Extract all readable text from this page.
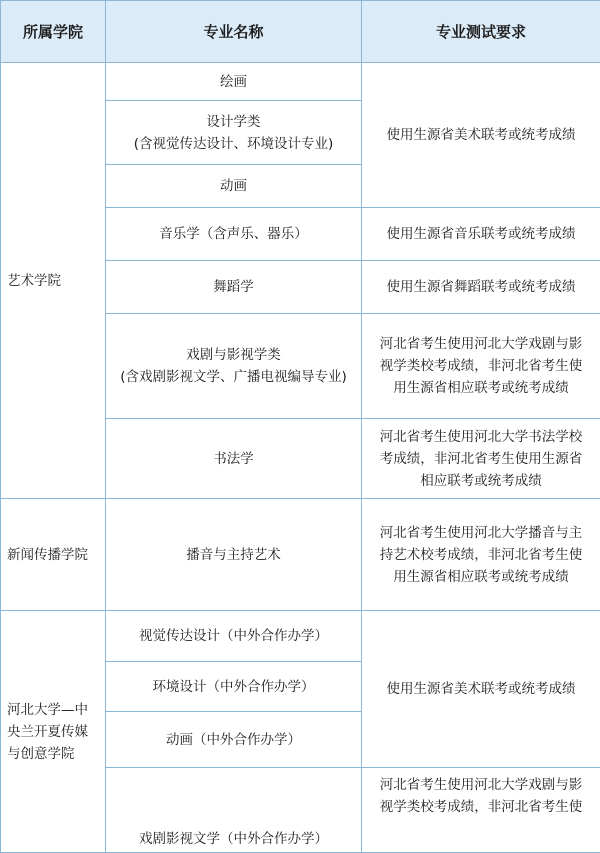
所属学院	专业名称	专业测试要求
艺术学院	绘画	使用生源省美术联考或统考成绩

	设计学类
(含视觉传达设计、环境设计专业)	

	动画	
	音乐学（含声乐、器乐）	使用生源省音乐联考或统考成绩
	舞蹈学	使用生源省舞蹈联考或统考成绩

	戏剧与影视学类
(含戏剧影视文学、广播电视编导专业)	河北省考生使用河北大学戏剧与影
视学类校考成绩，非河北省考生使
用生源省相应联考或统考成绩

	书法学	河北省考生使用河北大学书法学校
考成绩，非河北省考生使用生源省
相应联考或统考成绩

新闻传播学院	播音与主持艺术	河北省考生使用河北大学播音与主
持艺术校考成绩，非河北省考生使
用生源省相应联考或统考成绩

河北大学—中
央兰开夏传媒
与创意学院	视觉传达设计（中外合作办学）	使用生源省美术联考或统考成绩
	环境设计（中外合作办学）	
	动画（中外合作办学）	
	戏剧影视文学（中外合作办学）	河北省考生使用河北大学戏剧与影
视学类校考成绩，非河北省考生使
